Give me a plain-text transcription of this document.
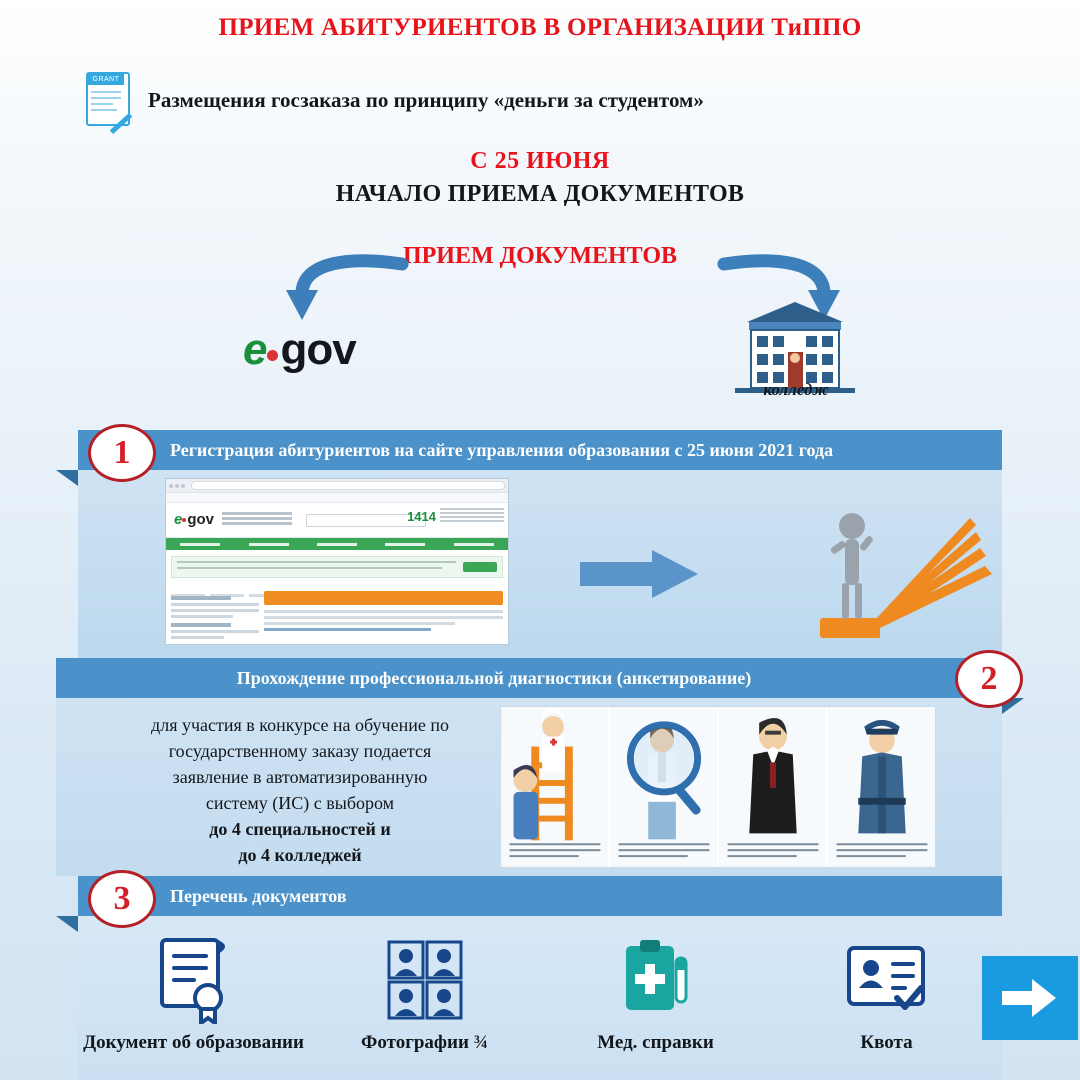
ПРИЕМ АБИТУРИЕНТОВ В ОРГАНИЗАЦИИ ТиППО
GRANT
Размещения госзаказа по принципу «деньги за студентом»
С 25 ИЮНЯ
НАЧАЛО ПРИЕМА ДОКУМЕНТОВ
ПРИЕМ ДОКУМЕНТОВ
e gov
колледж
Регистрация абитуриентов на сайте управления образования с 25 июня 2021 года
1
e gov	1414
Прохождение профессиональной диагностики (анкетирование)	2
для участия в конкурсе на обучение по
государственному заказу подается
заявление в автоматизированную
систему (ИС) с выбором
до 4 специальностей и
до 4 колледжей
Перечень документов
3
Документ об образовании	Фотографии ¾	Мед. справки	Квота
